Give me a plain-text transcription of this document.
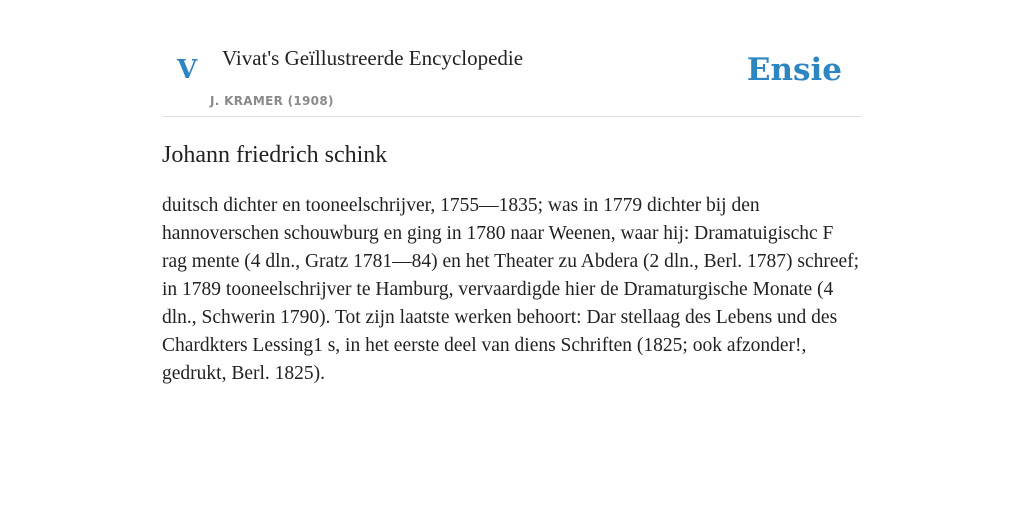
V Vivat's Geïllustreerde Encyclopedie
J. KRAMER (1908)
Ensie
Johann friedrich schink

duitsch dichter en tooneelschrijver, 1755—1835; was in 1779 dichter bij den hannoverschen schouwburg en ging in 1780 naar Weenen, waar hij: Dramatuigischc F rag mente (4 dln., Gratz 1781—84) en het Theater zu Abdera (2 dln., Berl. 1787) schreef; in 1789 tooneelschrijver te Hamburg, vervaardigde hier de Dramaturgische Monate (4 dln., Schwerin 1790). Tot zijn laatste werken behoort: Dar stellaag des Lebens und des Chardkters Lessing1 s, in het eerste deel van diens Schriften (1825; ook afzonder!, gedrukt, Berl. 1825).
